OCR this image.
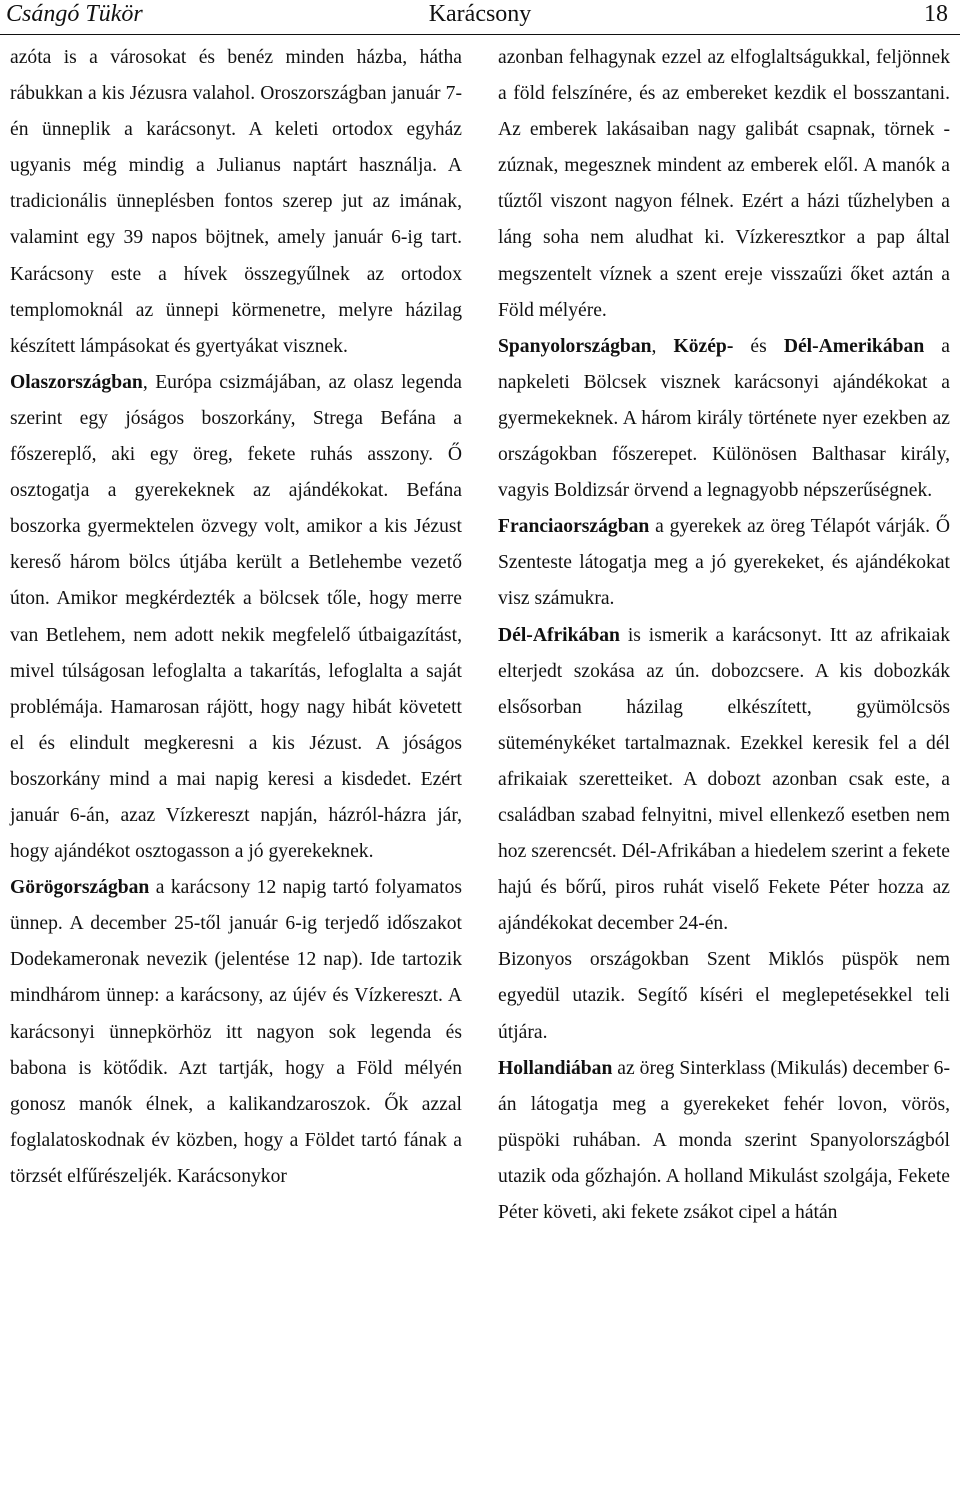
Csángó Tükör	Karácsony	18

azóta is a városokat és benéz minden házba, hátha rábukkan a kis Jézusra valahol. Oroszországban január 7-én ünneplik a karácsonyt. A keleti ortodox egyház ugyanis még mindig a Julianus naptárt használja. A tradicionális ünneplésben fontos szerep jut az imának, valamint egy 39 napos böjtnek, amely január 6-ig tart. Karácsony este a hívek összegyűlnek az ortodox templomoknál az ünnepi körmenetre, melyre házilag készített lámpásokat és gyertyákat visznek.

Olaszországban, Európa csizmájában, az olasz legenda szerint egy jóságos boszorkány, Strega Befána a főszereplő, aki egy öreg, fekete ruhás asszony. Ő osztogatja a gyerekeknek az ajándékokat. Befána boszorka gyermektelen özvegy volt, amikor a kis Jézust kereső három bölcs útjába került a Betlehembe vezető úton. Amikor megkérdezték a bölcsek tőle, hogy merre van Betlehem, nem adott nekik megfelelő útbaigazítást, mivel túlságosan lefoglalta a takarítás, lefoglalta a saját problémája. Hamarosan rájött, hogy nagy hibát követett el és elindult megkeresni a kis Jézust. A jóságos boszorkány mind a mai napig keresi a kisdedet. Ezért január 6-án, azaz Vízkereszt napján, házról-házra jár, hogy ajándékot osztogasson a jó gyerekeknek.

Görögországban a karácsony 12 napig tartó folyamatos ünnep. A december 25-től január 6-ig terjedő időszakot Dodekameronak nevezik (jelentése 12 nap). Ide tartozik mindhárom ünnep: a karácsony, az újév és Vízkereszt. A karácsonyi ünnepkörhöz itt nagyon sok legenda és babona is kötődik. Azt tartják, hogy a Föld mélyén gonosz manók élnek, a kalikandzaroszok. Ők azzal foglalatoskodnak év közben, hogy a Földet tartó fának a törzsét elfűrészeljék. Karácsonykor

azonban felhagynak ezzel az elfoglaltságukkal, feljönnek a föld felszínére, és az embereket kezdik el bosszantani. Az emberek lakásaiban nagy galibát csapnak, törnek - zúznak, megesznek mindent az emberek elől. A manók a tűztől viszont nagyon félnek. Ezért a házi tűzhelyben a láng soha nem aludhat ki. Vízkeresztkor a pap által megszentelt víznek a szent ereje visszaűzi őket aztán a Föld mélyére.

Spanyolországban, Közép- és Dél-Amerikában a napkeleti Bölcsek visznek karácsonyi ajándékokat a gyermekeknek. A három király története nyer ezekben az országokban főszerepet. Különösen Balthasar király, vagyis Boldizsár örvend a legnagyobb népszerűségnek.

Franciaországban a gyerekek az öreg Télapót várják. Ő Szenteste látogatja meg a jó gyerekeket, és ajándékokat visz számukra.

Dél-Afrikában is ismerik a karácsonyt. Itt az afrikaiak elterjedt szokása az ún. dobozcsere. A kis dobozkák elsősorban házilag elkészített, gyümölcsös süteménykéket tartalmaznak. Ezekkel keresik fel a dél afrikaiak szeretteiket. A dobozt azonban csak este, a családban szabad felnyitni, mivel ellenkező esetben nem hoz szerencsét. Dél-Afrikában a hiedelem szerint a fekete hajú és bőrű, piros ruhát viselő Fekete Péter hozza az ajándékokat december 24-én.

Bizonyos országokban Szent Miklós püspök nem egyedül utazik. Segítő kíséri el meglepetésekkel teli útjára.

Hollandiában az öreg Sinterklass (Mikulás) december 6-án látogatja meg a gyerekeket fehér lovon, vörös, püspöki ruhában. A monda szerint Spanyolországból utazik oda gőzhajón. A holland Mikulást szolgája, Fekete Péter követi, aki fekete zsákot cipel a hátán
